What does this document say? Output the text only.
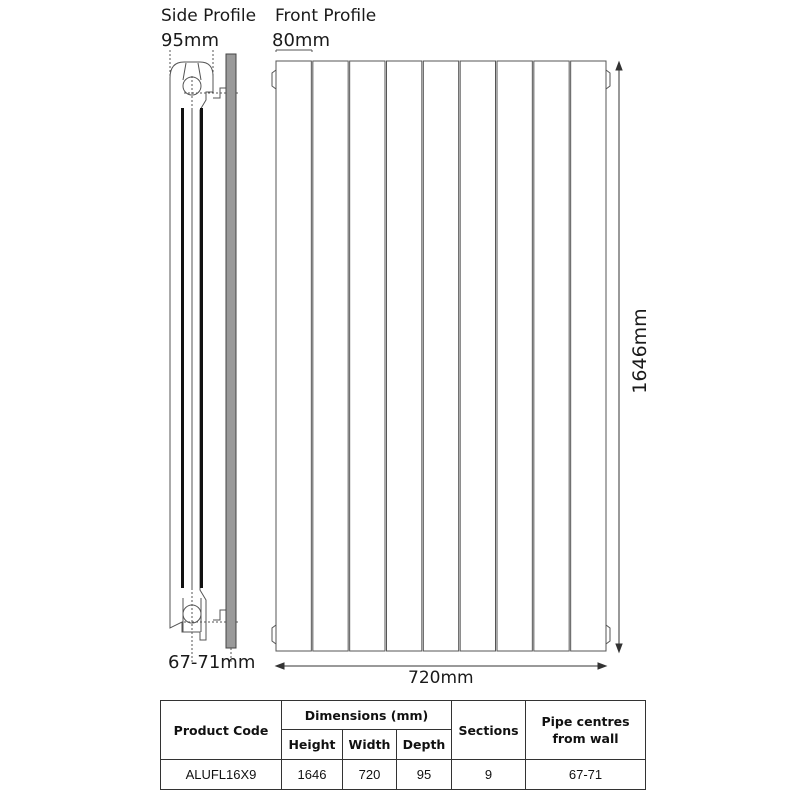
Side Profile
95mm
Front Profile
80mm
67-71mm
720mm
1646mm
Product Code	Dimensions (mm)			Sections	Pipe centres from wall
	Height	Width	Depth		
ALUFL16X9	1646	720	95	9	67-71
